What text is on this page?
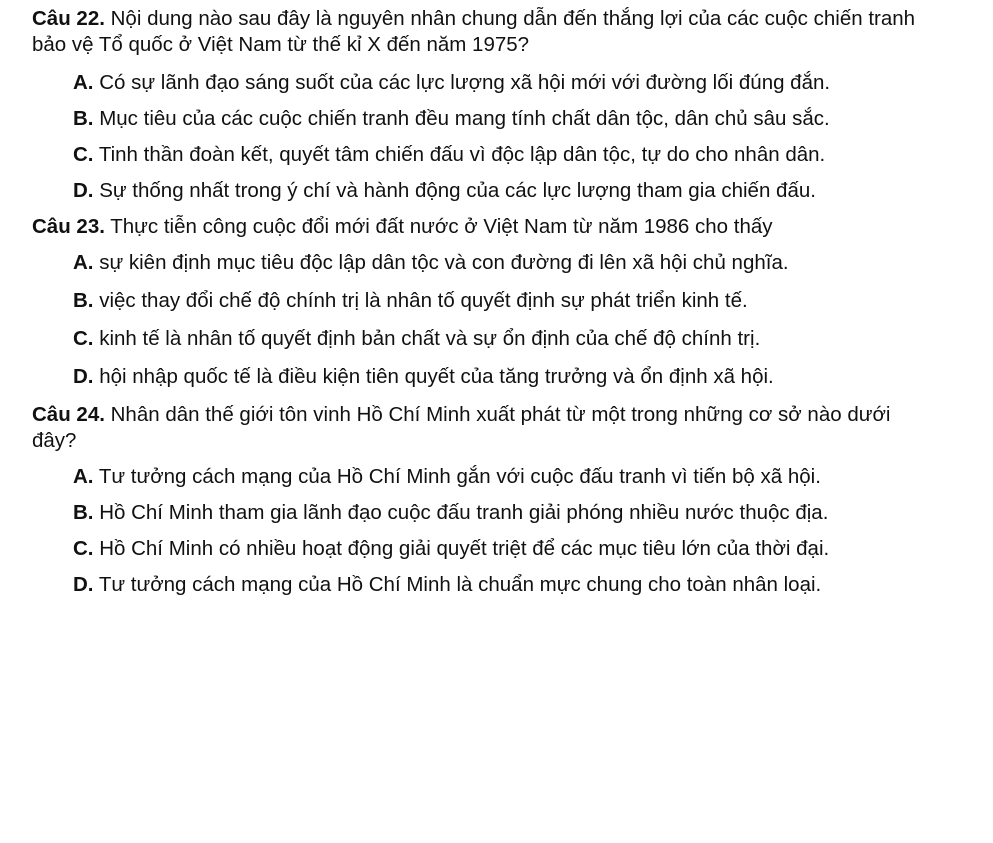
Câu 22. Nội dung nào sau đây là nguyên nhân chung dẫn đến thắng lợi của các cuộc chiến tranh bảo vệ Tổ quốc ở Việt Nam từ thế kỉ X đến năm 1975?
A. Có sự lãnh đạo sáng suốt của các lực lượng xã hội mới với đường lối đúng đắn.
B. Mục tiêu của các cuộc chiến tranh đều mang tính chất dân tộc, dân chủ sâu sắc.
C. Tinh thần đoàn kết, quyết tâm chiến đấu vì độc lập dân tộc, tự do cho nhân dân.
D. Sự thống nhất trong ý chí và hành động của các lực lượng tham gia chiến đấu.
Câu 23. Thực tiễn công cuộc đổi mới đất nước ở Việt Nam từ năm 1986 cho thấy
A. sự kiên định mục tiêu độc lập dân tộc và con đường đi lên xã hội chủ nghĩa.
B. việc thay đổi chế độ chính trị là nhân tố quyết định sự phát triển kinh tế.
C. kinh tế là nhân tố quyết định bản chất và sự ổn định của chế độ chính trị.
D. hội nhập quốc tế là điều kiện tiên quyết của tăng trưởng và ổn định xã hội.
Câu 24. Nhân dân thế giới tôn vinh Hồ Chí Minh xuất phát từ một trong những cơ sở nào dưới đây?
A. Tư tưởng cách mạng của Hồ Chí Minh gắn với cuộc đấu tranh vì tiến bộ xã hội.
B. Hồ Chí Minh tham gia lãnh đạo cuộc đấu tranh giải phóng nhiều nước thuộc địa.
C. Hồ Chí Minh có nhiều hoạt động giải quyết triệt để các mục tiêu lớn của thời đại.
D. Tư tưởng cách mạng của Hồ Chí Minh là chuẩn mực chung cho toàn nhân loại.
